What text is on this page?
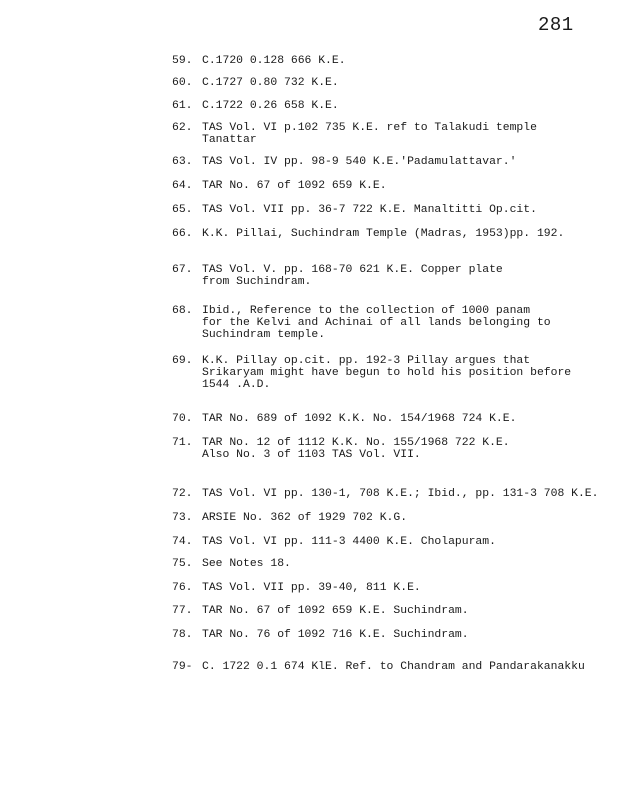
281
59. C.1720 0.128 666 K.E.
60. C.1727 0.80 732 K.E.
61. C.1722 0.26 658 K.E.
62. TAS Vol. VI p.102 735 K.E. ref to Talakudi temple
Tanattar
63. TAS Vol. IV pp. 98-9 540 K.E.'Padamulattavar.'
64. TAR No. 67 of 1092 659 K.E.
65. TAS Vol. VII pp. 36-7 722 K.E. Manaltitti Op.cit.
66. K.K. Pillai, Suchindram Temple (Madras, 1953)pp. 192.
67. TAS Vol. V. pp. 168-70 621 K.E. Copper plate
from Suchindram.
68. Ibid., Reference to the collection of 1000 panam
for the Kelvi and Achinai of all lands belonging to
Suchindram temple.
69. K.K. Pillay op.cit. pp. 192-3 Pillay argues that
Srikaryam might have begun to hold his position before
1544 .A.D.
70. TAR No. 689 of 1092 K.K. No. 154/1968 724 K.E.
71. TAR No. 12 of 1112 K.K. No. 155/1968 722 K.E.
Also No. 3 of 1103 TAS Vol. VII.
72. TAS Vol. VI pp. 130-1, 708 K.E.; Ibid., pp. 131-3 708 K.E.
73. ARSIE No. 362 of 1929 702 K.G.
74. TAS Vol. VI pp. 111-3 4400 K.E. Cholapuram.
75. See Notes 18.
76. TAS Vol. VII pp. 39-40, 811 K.E.
77. TAR No. 67 of 1092 659 K.E. Suchindram.
78. TAR No. 76 of 1092 716 K.E. Suchindram.
79- C. 1722 0.1 674 KlE. Ref. to Chandram and Pandarakanakku
